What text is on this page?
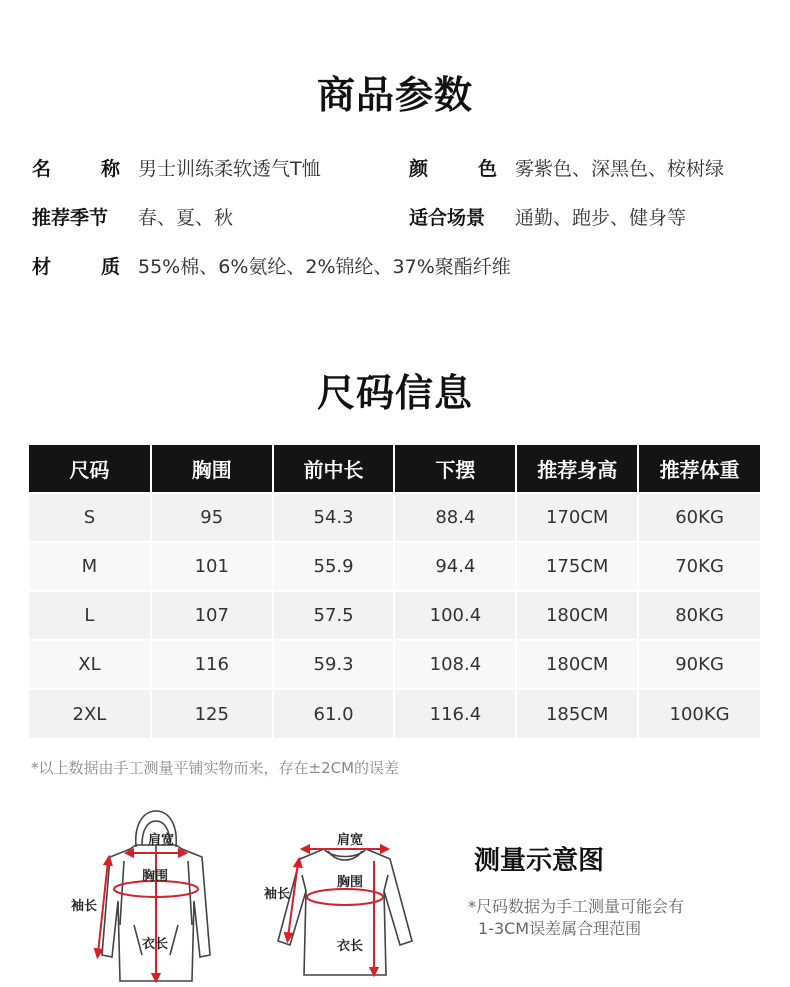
商品参数
名	称 男士训练柔软透气T恤	颜	色 雾紫色、深黑色、桉树绿
推荐季节	春、夏、秋	适合场景	通勤、跑步、健身等
材	质 55%棉、6%氨纶、2%锦纶、37%聚酯纤维
尺码信息
尺码	胸围	前中长	下摆	推荐身高	推荐体重
S	95	54.3	88.4	170CM	60KG
M	101	55.9	94.4	175CM	70KG
L	107	57.5	100.4	180CM	80KG
XL	116	59.3	108.4	180CM	90KG
2XL	125	61.0	116.4	185CM	100KG
*以上数据由手工测量平铺实物而来，存在±2CM的误差
肩宽
胸围
袖长
衣长
肩宽
胸围
袖长
衣长
测量示意图
*尺码数据为手工测量可能会有
1-3CM误差属合理范围
